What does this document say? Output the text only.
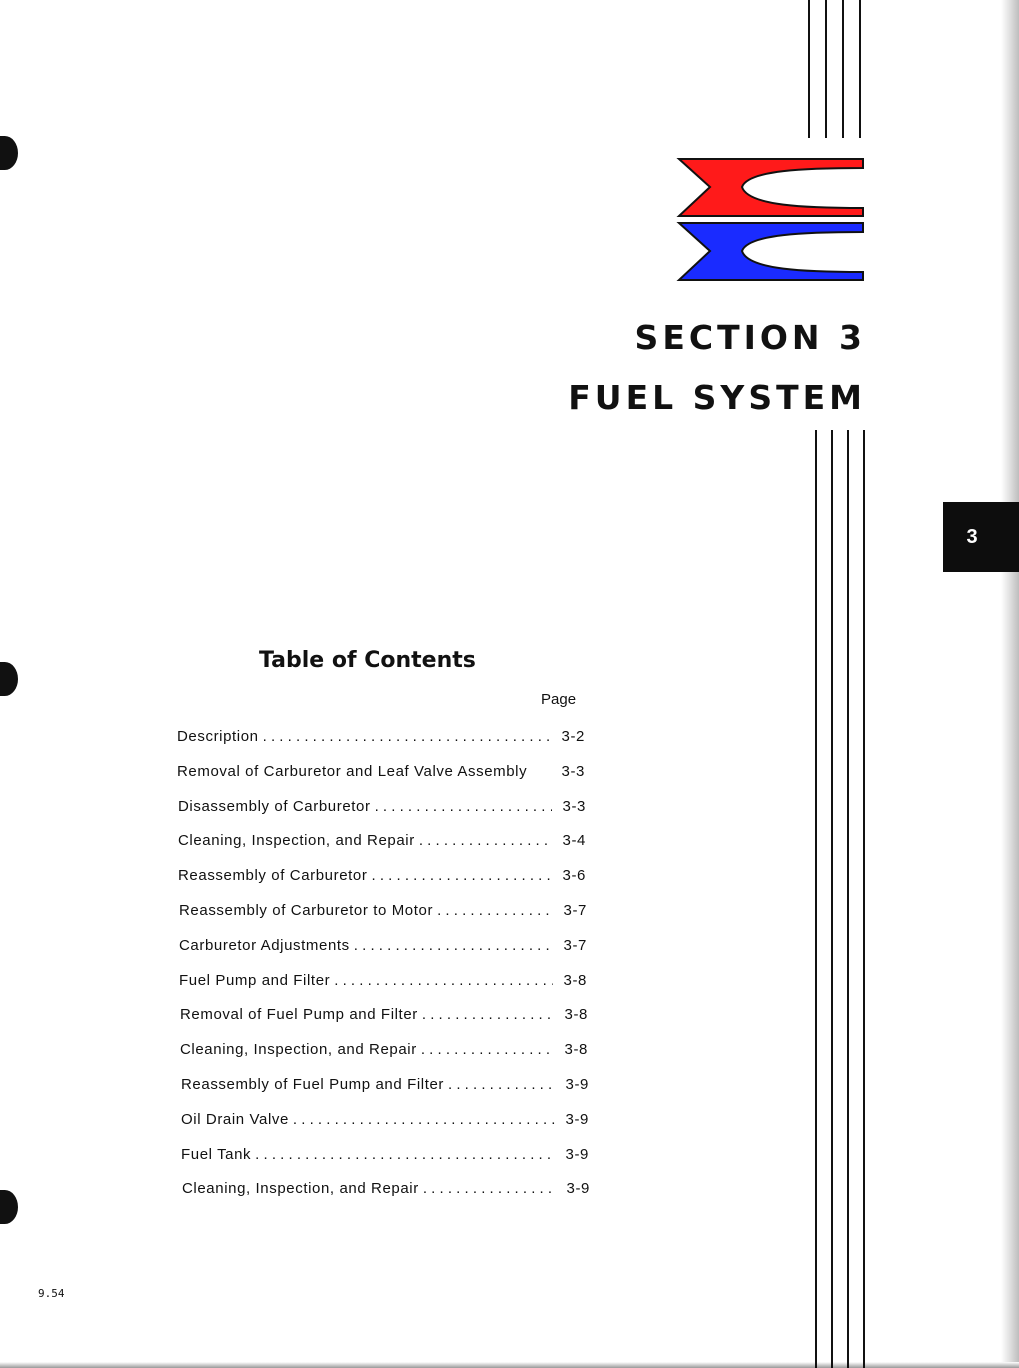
SECTION 3
FUEL SYSTEM
3
Table of Contents
Page
Description . . .	3-2
Removal of Carburetor and Leaf Valve Assembly	3-3
Disassembly of Carburetor . . .	3-3
Cleaning, Inspection, and Repair . . .	3-4
Reassembly of Carburetor . . .	3-6
Reassembly of Carburetor to Motor . . .	3-7
Carburetor Adjustments . . .	3-7
Fuel Pump and Filter . . .	3-8
Removal of Fuel Pump and Filter . . .	3-8
Cleaning, Inspection, and Repair . . .	3-8
Reassembly of Fuel Pump and Filter . . .	3-9
Oil Drain Valve . . .	3-9
Fuel Tank . . .	3-9
Cleaning, Inspection, and Repair . . .	3-9
9.54
